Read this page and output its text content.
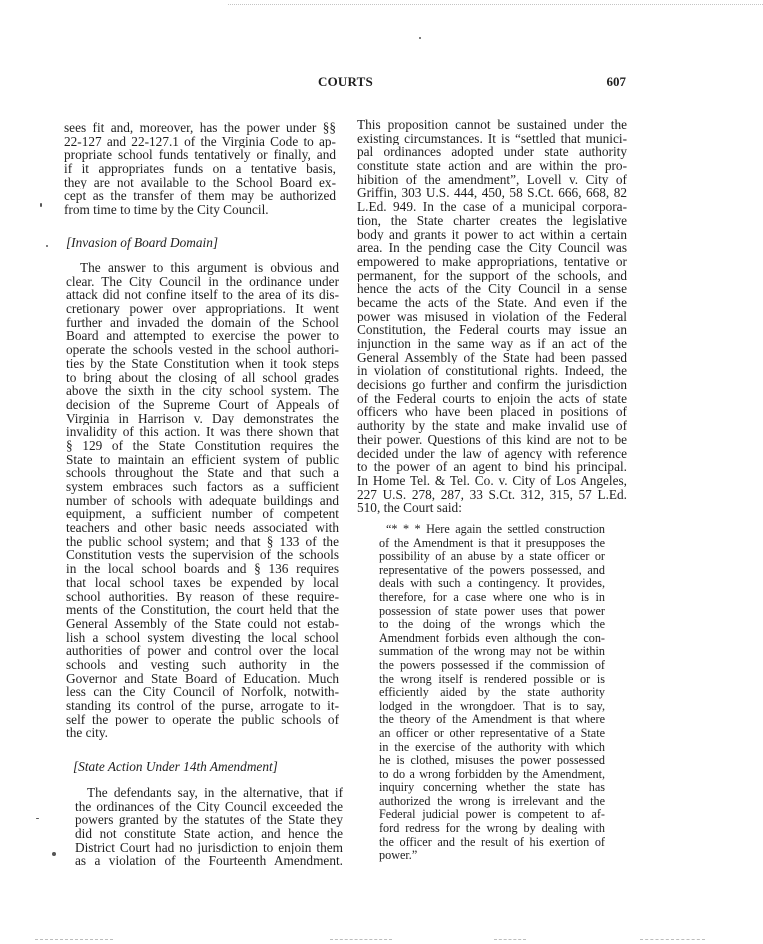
COURTS	607
sees fit and, moreover, has the power under §§
22-127 and 22-127.1 of the Virginia Code to ap-
propriate school funds tentatively or finally, and
if it appropriates funds on a tentative basis,
they are not available to the School Board ex-
cept as the transfer of them may be authorized
from time to time by the City Council.
[Invasion of Board Domain]
The answer to this argument is obvious and
clear. The City Council in the ordinance under
attack did not confine itself to the area of its dis-
cretionary power over appropriations. It went
further and invaded the domain of the School
Board and attempted to exercise the power to
operate the schools vested in the school authori-
ties by the State Constitution when it took steps
to bring about the closing of all school grades
above the sixth in the city school system. The
decision of the Supreme Court of Appeals of
Virginia in Harrison v. Day demonstrates the
invalidity of this action. It was there shown that
§ 129 of the State Constitution requires the
State to maintain an efficient system of public
schools throughout the State and that such a
system embraces such factors as a sufficient
number of schools with adequate buildings and
equipment, a sufficient number of competent
teachers and other basic needs associated with
the public school system; and that § 133 of the
Constitution vests the supervision of the schools
in the local school boards and § 136 requires
that local school taxes be expended by local
school authorities. By reason of these require-
ments of the Constitution, the court held that the
General Assembly of the State could not estab-
lish a school system divesting the local school
authorities of power and control over the local
schools and vesting such authority in the
Governor and State Board of Education. Much
less can the City Council of Norfolk, notwith-
standing its control of the purse, arrogate to it-
self the power to operate the public schools of
the city.
[State Action Under 14th Amendment]
The defendants say, in the alternative, that if
the ordinances of the City Council exceeded the
powers granted by the statutes of the State they
did not constitute State action, and hence the
District Court had no jurisdiction to enjoin them
as a violation of the Fourteenth Amendment.
This proposition cannot be sustained under the
existing circumstances. It is “settled that munici-
pal ordinances adopted under state authority
constitute state action and are within the pro-
hibition of the amendment”, Lovell v. City of
Griffin, 303 U.S. 444, 450, 58 S.Ct. 666, 668, 82
L.Ed. 949. In the case of a municipal corpora-
tion, the State charter creates the legislative
body and grants it power to act within a certain
area. In the pending case the City Council was
empowered to make appropriations, tentative or
permanent, for the support of the schools, and
hence the acts of the City Council in a sense
became the acts of the State. And even if the
power was misused in violation of the Federal
Constitution, the Federal courts may issue an
injunction in the same way as if an act of the
General Assembly of the State had been passed
in violation of constitutional rights. Indeed, the
decisions go further and confirm the jurisdiction
of the Federal courts to enjoin the acts of state
officers who have been placed in positions of
authority by the state and make invalid use of
their power. Questions of this kind are not to be
decided under the law of agency with reference
to the power of an agent to bind his principal.
In Home Tel. & Tel. Co. v. City of Los Angeles,
227 U.S. 278, 287, 33 S.Ct. 312, 315, 57 L.Ed.
510, the Court said:
“* * * Here again the settled construction
of the Amendment is that it presupposes the
possibility of an abuse by a state officer or
representative of the powers possessed, and
deals with such a contingency. It provides,
therefore, for a case where one who is in
possession of state power uses that power
to the doing of the wrongs which the
Amendment forbids even although the con-
summation of the wrong may not be within
the powers possessed if the commission of
the wrong itself is rendered possible or is
efficiently aided by the state authority
lodged in the wrongdoer. That is to say,
the theory of the Amendment is that where
an officer or other representative of a State
in the exercise of the authority with which
he is clothed, misuses the power possessed
to do a wrong forbidden by the Amendment,
inquiry concerning whether the state has
authorized the wrong is irrelevant and the
Federal judicial power is competent to af-
ford redress for the wrong by dealing with
the officer and the result of his exertion of
power.”
